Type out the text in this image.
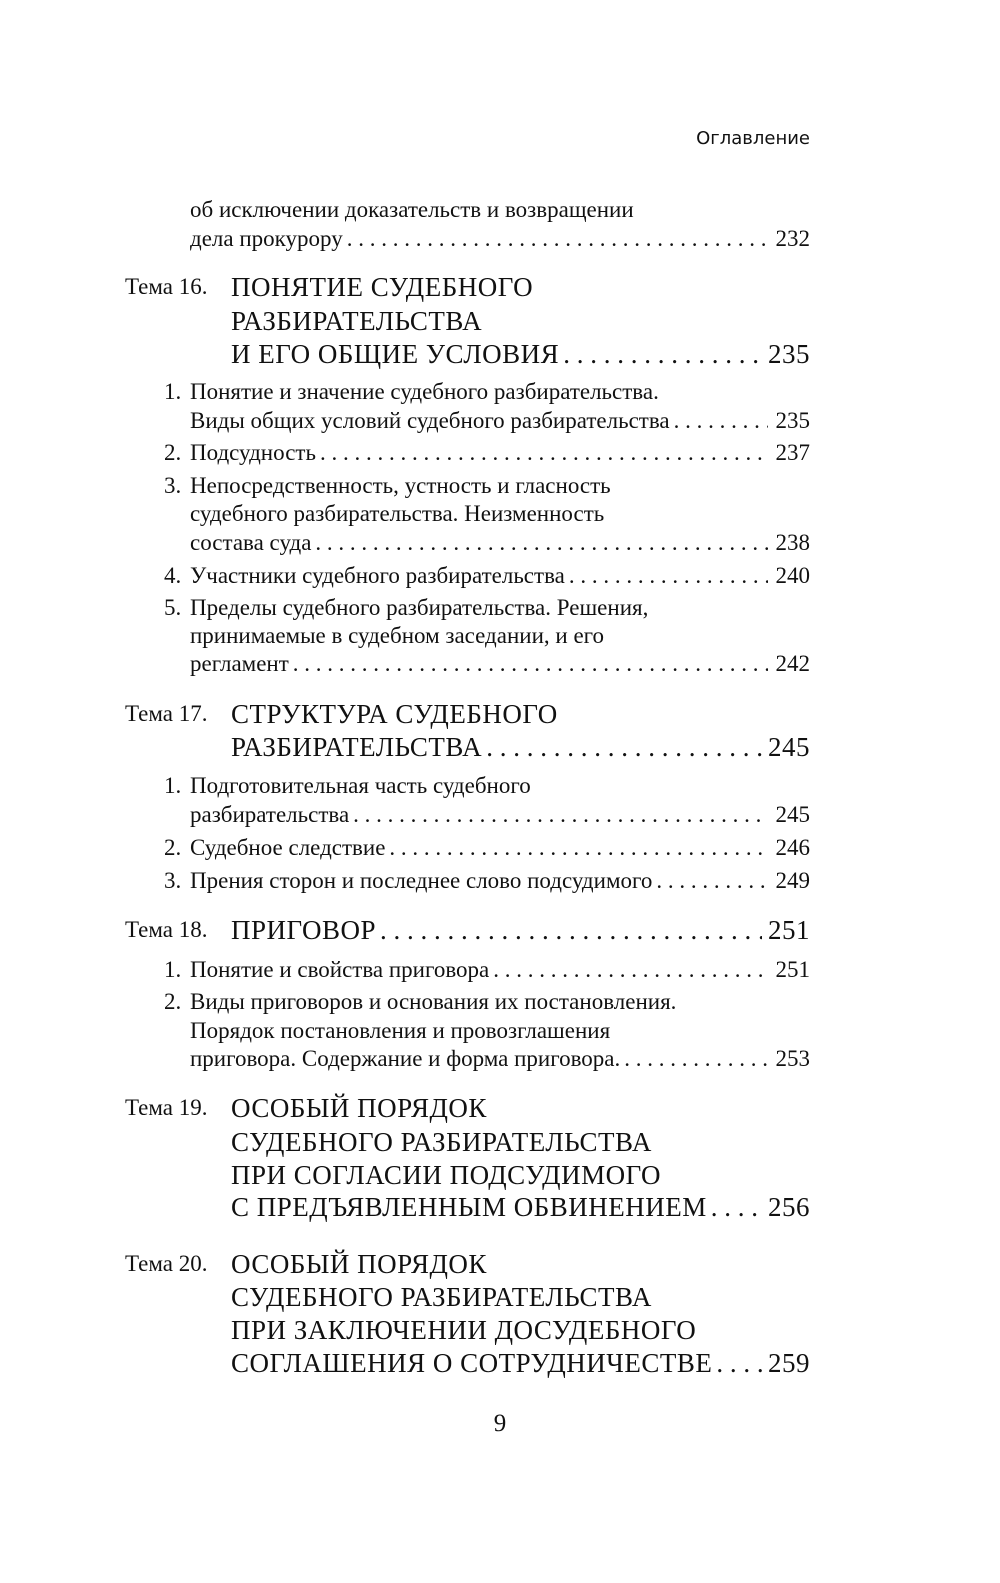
Оглавление
об исключении доказательств и возвращении
дела прокурору . . .	232
Тема 16. ПОНЯТИЕ СУДЕБНОГО
РАЗБИРАТЕЛЬСТВА
И ЕГО ОБЩИЕ УСЛОВИЯ . . .	235
1. Понятие и значение судебного разбирательства.
Виды общих условий судебного разбирательства . . .	235
2. Подсудность . . .	237
3. Непосредственность, устность и гласность
судебного разбирательства. Неизменность
состава суда . . .	238
4. Участники судебного разбирательства . . .	240
5. Пределы судебного разбирательства. Решения,
принимаемые в судебном заседании, и его
регламент . . .	242
Тема 17. СТРУКТУРА СУДЕБНОГО
РАЗБИРАТЕЛЬСТВА . . .	245
1. Подготовительная часть судебного
разбирательства . . .	245
2. Судебное следствие . . .	246
3. Прения сторон и последнее слово подсудимого . . .	249
Тема 18. ПРИГОВОР . . .	251
1. Понятие и свойства приговора . . .	251
2. Виды приговоров и основания их постановления.
Порядок постановления и провозглашения
приговора. Содержание и форма приговора. . . .	253
Тема 19. ОСОБЫЙ ПОРЯДОК
СУДЕБНОГО РАЗБИРАТЕЛЬСТВА
ПРИ СОГЛАСИИ ПОДСУДИМОГО
С ПРЕДЪЯВЛЕННЫМ ОБВИНЕНИЕМ . . . 256
Тема 20. ОСОБЫЙ ПОРЯДОК
СУДЕБНОГО РАЗБИРАТЕЛЬСТВА
ПРИ ЗАКЛЮЧЕНИИ ДОСУДЕБНОГО
СОГЛАШЕНИЯ О СОТРУДНИЧЕСТВЕ . . . 259
9
